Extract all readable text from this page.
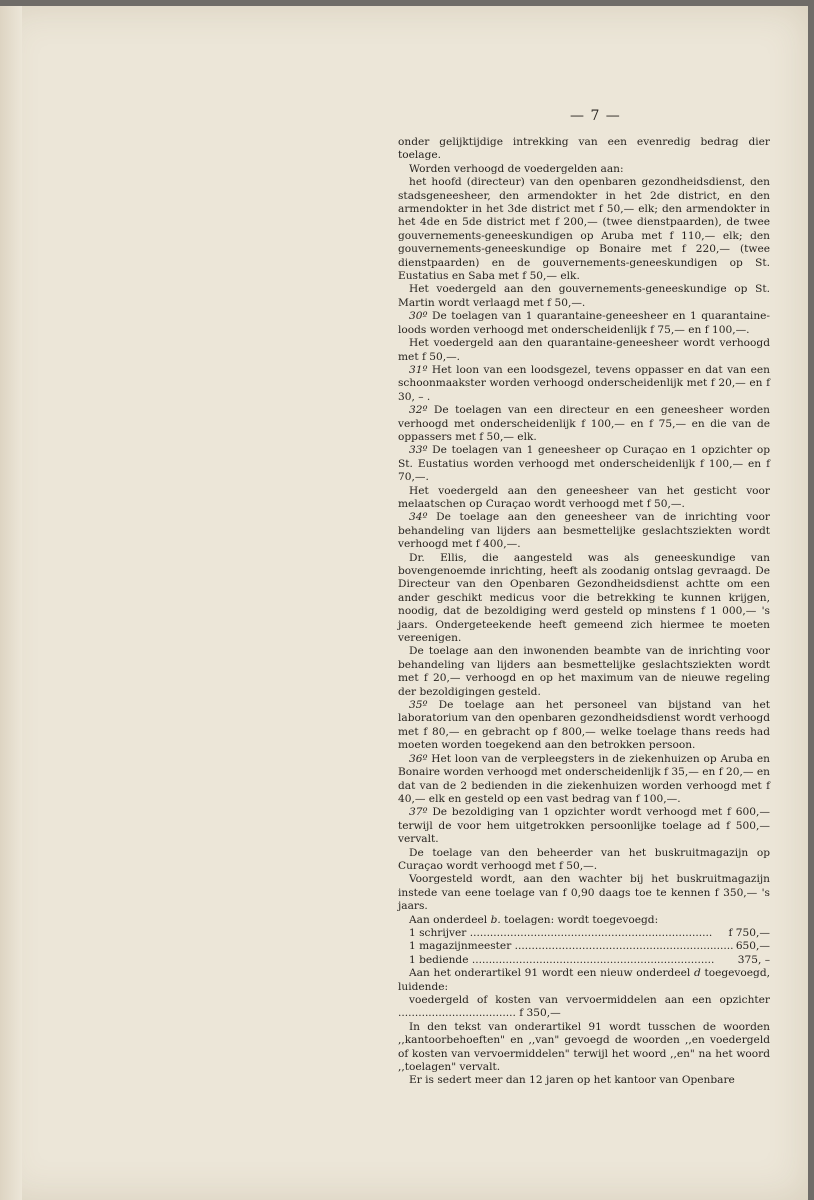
— 7 —

onder gelijktijdige intrekking van een evenredig bedrag dier toelage.

Worden verhoogd de voedergelden aan:

het hoofd (directeur) van den openbaren gezondheidsdienst, den stadsgeneesheer, den armendokter in het 2de district, en den armendokter in het 3de district met f 50,— elk; den armendokter in het 4de en 5de district met f 200,— (twee dienstpaarden), de twee gouvernements-geneeskundigen op Aruba met f 110,— elk; den gouvernements-geneeskundige op Bonaire met f 220,— (twee dienstpaarden) en de gouvernements-geneeskundigen op St. Eustatius en Saba met f 50,— elk.

Het voedergeld aan den gouvernements-geneeskundige op St. Martin wordt verlaagd met f 50,—.

30º De toelagen van 1 quarantaine-geneesheer en 1 quarantaine-loods worden verhoogd met onderscheidenlijk f 75,— en f 100,—.

Het voedergeld aan den quarantaine-geneesheer wordt verhoogd met f 50,—.

31º Het loon van een loodsgezel, tevens oppasser en dat van een schoonmaakster worden verhoogd onderscheidenlijk met f 20,— en f 30, – .

32º De toelagen van een directeur en een geneesheer worden verhoogd met onderscheidenlijk f 100,— en f 75,— en die van de oppassers met f 50,— elk.

33º De toelagen van 1 geneesheer op Curaçao en 1 opzichter op St. Eustatius worden verhoogd met onderscheidenlijk f 100,— en f 70,—.

Het voedergeld aan den geneesheer van het gesticht voor melaatschen op Curaçao wordt verhoogd met f 50,—.

34º De toelage aan den geneesheer van de inrichting voor behandeling van lijders aan besmettelijke geslachtsziekten wordt verhoogd met f 400,—.

Dr. Ellis, die aangesteld was als geneeskundige van bovengenoemde inrichting, heeft als zoodanig ontslag gevraagd. De Directeur van den Openbaren Gezondheidsdienst achtte om een ander geschikt medicus voor die betrekking te kunnen krijgen, noodig, dat de bezoldiging werd gesteld op minstens f 1 000,— 's jaars. Ondergeteekende heeft gemeend zich hiermee te moeten vereenigen.

De toelage aan den inwonenden beambte van de inrichting voor behandeling van lijders aan besmettelijke geslachtsziekten wordt met f 20,— verhoogd en op het maximum van de nieuwe regeling der bezoldigingen gesteld.

35º De toelage aan het personeel van bijstand van het laboratorium van den openbaren gezondheidsdienst wordt verhoogd met f 80,— en gebracht op f 800,— welke toelage thans reeds had moeten worden toegekend aan den betrokken persoon.

36º Het loon van de verpleegsters in de ziekenhuizen op Aruba en Bonaire worden verhoogd met onderscheidenlijk f 35,— en f 20,— en dat van de 2 bedienden in die ziekenhuizen worden verhoogd met f 40,— elk en gesteld op een vast bedrag van f 100,—.

37º De bezoldiging van 1 opzichter wordt verhoogd met f 600,— terwijl de voor hem uitgetrokken persoonlijke toelage ad f 500,— vervalt.

De toelage van den beheerder van het buskruitmagazijn op Curaçao wordt verhoogd met f 50,—.

Voorgesteld wordt, aan den wachter bij het buskruitmagazijn instede van eene toelage van f 0,90 daags toe te kennen f 350,— 's jaars.

Aan onderdeel b. toelagen: wordt toegevoegd:

1 schrijver .....	f 750,—
1 magazijnmeester .....	650,—
1 bediende .....	375, –

Aan het onderartikel 91 wordt een nieuw onderdeel d toegevoegd, luidende:

voedergeld of kosten van vervoermiddelen aan een opzichter ................................... f 350,—

In den tekst van onderartikel 91 wordt tusschen de woorden ,,kantoorbehoeften" en ,,van" gevoegd de woorden ,,en voedergeld of kosten van vervoermiddelen" terwijl het woord ,,en" na het woord ,,toelagen" vervalt.

Er is sedert meer dan 12 jaren op het kantoor van Openbare
